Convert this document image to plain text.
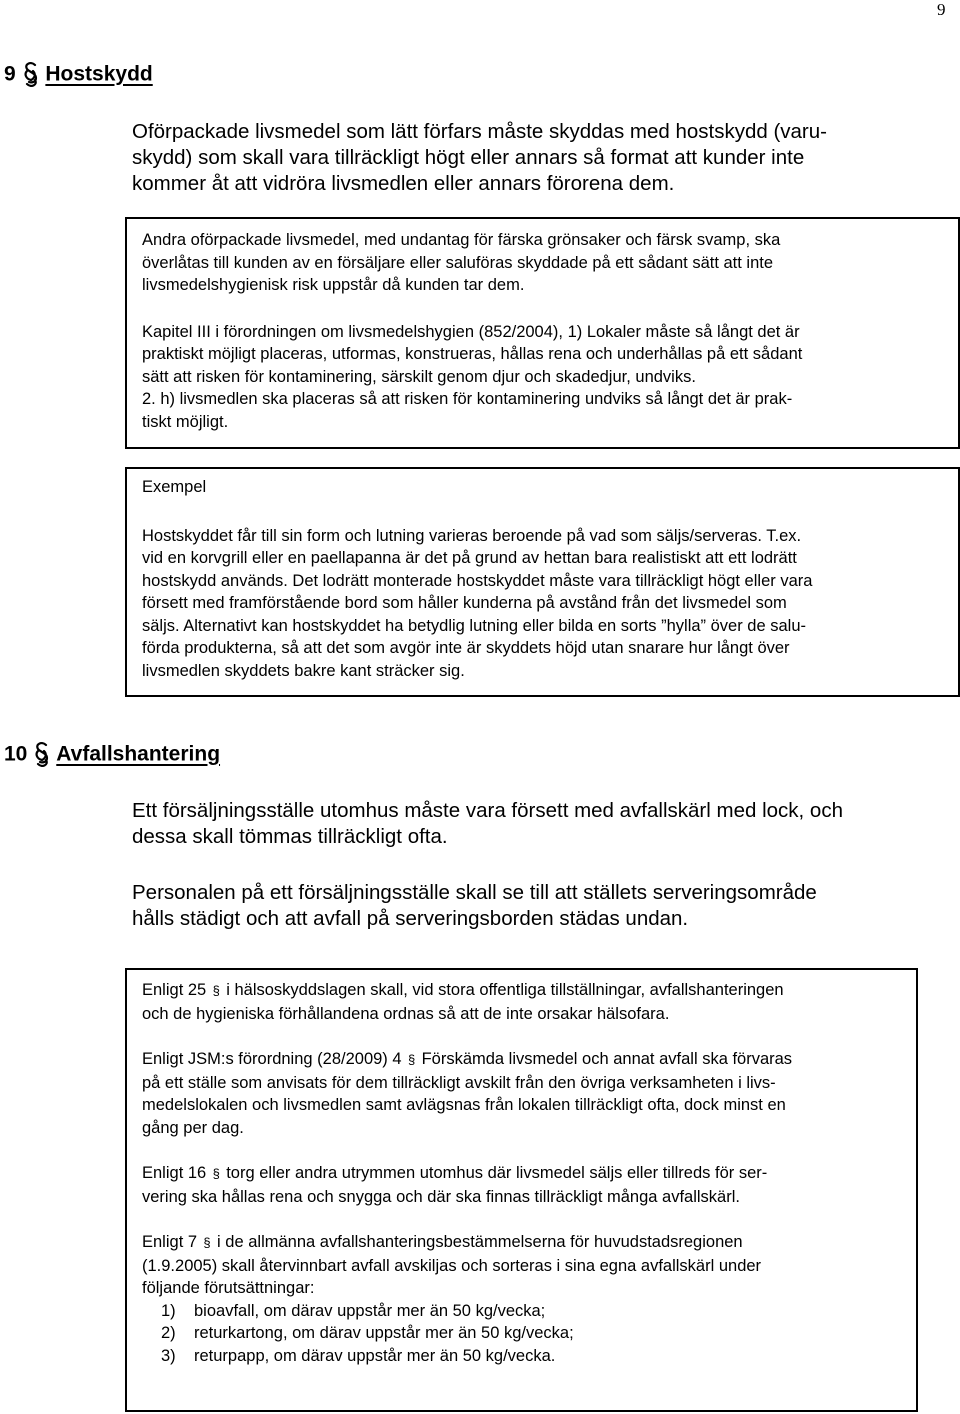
9
9 Hostskydd
Oförpackade livsmedel som lätt förfars måste skyddas med hostskydd (varu-
skydd) som skall vara tillräckligt högt eller annars så format att kunder inte
kommer åt att vidröra livsmedlen eller annars förorena dem.

Andra oförpackade livsmedel, med undantag för färska grönsaker och färsk svamp, ska
överlåtas till kunden av en försäljare eller saluföras skyddade på ett sådant sätt att inte
livsmedelshygienisk risk uppstår då kunden tar dem.

Kapitel III i förordningen om livsmedelshygien (852/2004), 1) Lokaler måste så långt det är
praktiskt möjligt placeras, utformas, konstrueras, hållas rena och underhållas på ett sådant
sätt att risken för kontaminering, särskilt genom djur och skadedjur, undviks.
2. h) livsmedlen ska placeras så att risken för kontaminering undviks så långt det är prak-
tiskt möjligt.

Exempel

Hostskyddet får till sin form och lutning varieras beroende på vad som säljs/serveras. T.ex.
vid en korvgrill eller en paellapanna är det på grund av hettan bara realistiskt att ett lodrätt
hostskydd används. Det lodrätt monterade hostskyddet måste vara tillräckligt högt eller vara
försett med framförstående bord som håller kunderna på avstånd från det livsmedel som
säljs. Alternativt kan hostskyddet ha betydlig lutning eller bilda en sorts ”hylla” över de salu-
förda produkterna, så att det som avgör inte är skyddets höjd utan snarare hur långt över
livsmedlen skyddets bakre kant sträcker sig.

10 Avfallshantering
Ett försäljningsställe utomhus måste vara försett med avfallskärl med lock, och
dessa skall tömmas tillräckligt ofta.
Personalen på ett försäljningsställe skall se till att ställets serveringsområde
hålls städigt och att avfall på serveringsborden städas undan.

Enligt 25 § i hälsoskyddslagen skall, vid stora offentliga tillställningar, avfallshanteringen
och de hygieniska förhållandena ordnas så att de inte orsakar hälsofara.

Enligt JSM:s förordning (28/2009) 4 § Förskämda livsmedel och annat avfall ska förvaras
på ett ställe som anvisats för dem tillräckligt avskilt från den övriga verksamheten i livs-
medelslokalen och livsmedlen samt avlägsnas från lokalen tillräckligt ofta, dock minst en
gång per dag.

Enligt 16 § torg eller andra utrymmen utomhus där livsmedel säljs eller tillreds för ser-
vering ska hållas rena och snygga och där ska finnas tillräckligt många avfallskärl.

Enligt 7 § i de allmänna avfallshanteringsbestämmelserna för huvudstadsregionen
(1.9.2005) skall återvinnbart avfall avskiljas och sorteras i sina egna avfallskärl under
följande förutsättningar:

1) bioavfall, om därav uppstår mer än 50 kg/vecka;
2) returkartong, om därav uppstår mer än 50 kg/vecka;
3) returpapp, om därav uppstår mer än 50 kg/vecka.
